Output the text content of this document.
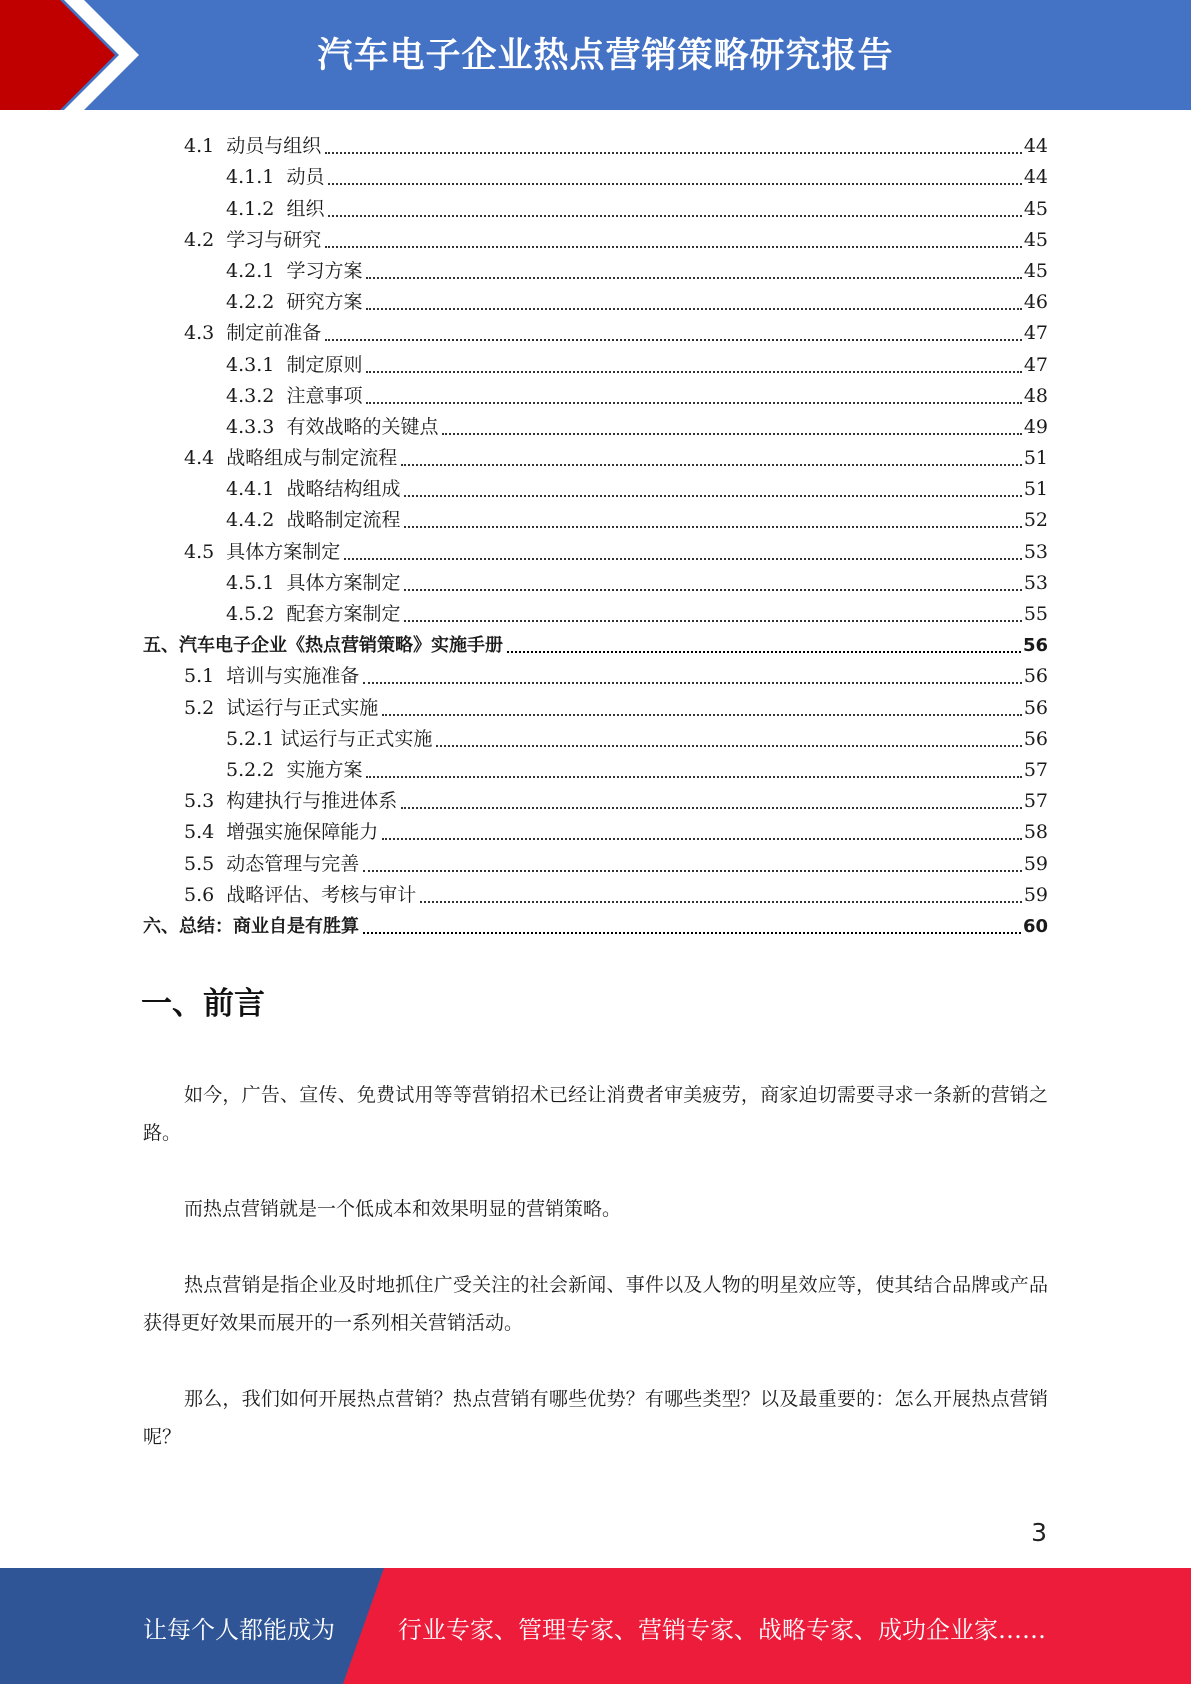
汽车电子企业热点营销策略研究报告
4.1 动员与组织	44
4.1.1 动员	44
4.1.2 组织	45
4.2 学习与研究	45
4.2.1 学习方案	45
4.2.2 研究方案	46
4.3 制定前准备	47
4.3.1 制定原则	47
4.3.2 注意事项	48
4.3.3 有效战略的关键点	49
4.4 战略组成与制定流程	51
4.4.1 战略结构组成	51
4.4.2 战略制定流程	52
4.5 具体方案制定	53
4.5.1 具体方案制定	53
4.5.2 配套方案制定	55
五、汽车电子企业《热点营销策略》实施手册	56
5.1 培训与实施准备	56
5.2 试运行与正式实施	56
5.2.1 试运行与正式实施	56
5.2.2 实施方案	57
5.3 构建执行与推进体系	57
5.4 增强实施保障能力	58
5.5 动态管理与完善	59
5.6 战略评估、考核与审计	59
六、总结：商业自是有胜算	60
一、前言

如今，广告、宣传、免费试用等等营销招术已经让消费者审美疲劳，商家迫切需要寻求一条新的营销之路。

而热点营销就是一个低成本和效果明显的营销策略。

热点营销是指企业及时地抓住广受关注的社会新闻、事件以及人物的明星效应等，使其结合品牌或产品获得更好效果而展开的一系列相关营销活动。

那么，我们如何开展热点营销？热点营销有哪些优势？有哪些类型？以及最重要的：怎么开展热点营销呢？

3
让每个人都能成为	行业专家、管理专家、营销专家、战略专家、成功企业家……
